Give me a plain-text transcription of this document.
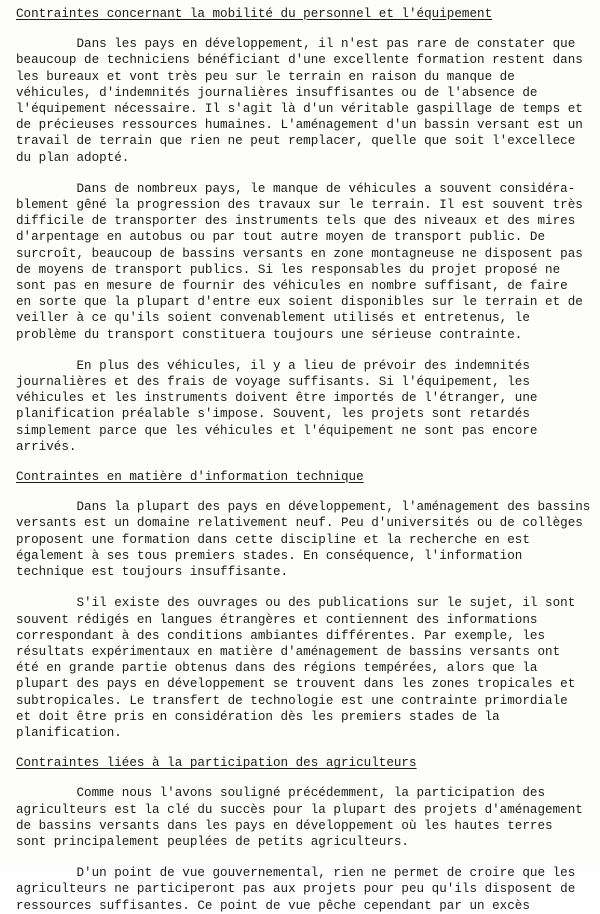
Contraintes concernant la mobilité du personnel et l'équipement

Dans les pays en développement, il n'est pas rare de constater que
beaucoup de techniciens bénéficiant d'une excellente formation restent dans
les bureaux et vont très peu sur le terrain en raison du manque de
véhicules, d'indemnités journalières insuffisantes ou de l'absence de
l'équipement nécessaire. Il s'agit là d'un véritable gaspillage de temps et
de précieuses ressources humaines. L'aménagement d'un bassin versant est un
travail de terrain que rien ne peut remplacer, quelle que soit l'excellece
du plan adopté.

Dans de nombreux pays, le manque de véhicules a souvent considéra-
blement gêné la progression des travaux sur le terrain. Il est souvent très
difficile de transporter des instruments tels que des niveaux et des mires
d'arpentage en autobus ou par tout autre moyen de transport public. De
surcroît, beaucoup de bassins versants en zone montagneuse ne disposent pas
de moyens de transport publics. Si les responsables du projet proposé ne
sont pas en mesure de fournir des véhicules en nombre suffisant, de faire
en sorte que la plupart d'entre eux soient disponibles sur le terrain et de
veiller à ce qu'ils soient convenablement utilisés et entretenus, le
problème du transport constituera toujours une sérieuse contrainte.

En plus des véhicules, il y a lieu de prévoir des indemnités
journalières et des frais de voyage suffisants. Si l'équipement, les
véhicules et les instruments doivent être importés de l'étranger, une
planification préalable s'impose. Souvent, les projets sont retardés
simplement parce que les véhicules et l'équipement ne sont pas encore
arrivés.

Contraintes en matière d'information technique

Dans la plupart des pays en développement, l'aménagement des bassins
versants est un domaine relativement neuf. Peu d'universités ou de collèges
proposent une formation dans cette discipline et la recherche en est
également à ses tous premiers stades. En conséquence, l'information
technique est toujours insuffisante.

S'il existe des ouvrages ou des publications sur le sujet, il sont
souvent rédigés en langues étrangères et contiennent des informations
correspondant à des conditions ambiantes différentes. Par exemple, les
résultats expérimentaux en matière d'aménagement de bassins versants ont
été en grande partie obtenus dans des régions tempérées, alors que la
plupart des pays en développement se trouvent dans les zones tropicales et
subtropicales. Le transfert de technologie est une contrainte primordiale
et doit être pris en considération dès les premiers stades de la
planification.

Contraintes liées à la participation des agriculteurs

Comme nous l'avons souligné précédemment, la participation des
agriculteurs est la clé du succès pour la plupart des projets d'aménagement
de bassins versants dans les pays en développement où les hautes terres
sont principalement peuplées de petits agriculteurs.

D'un point de vue gouvernemental, rien ne permet de croire que les
agriculteurs ne participeront pas aux projets pour peu qu'ils disposent de
ressources suffisantes. Ce point de vue pêche cependant par un excès
